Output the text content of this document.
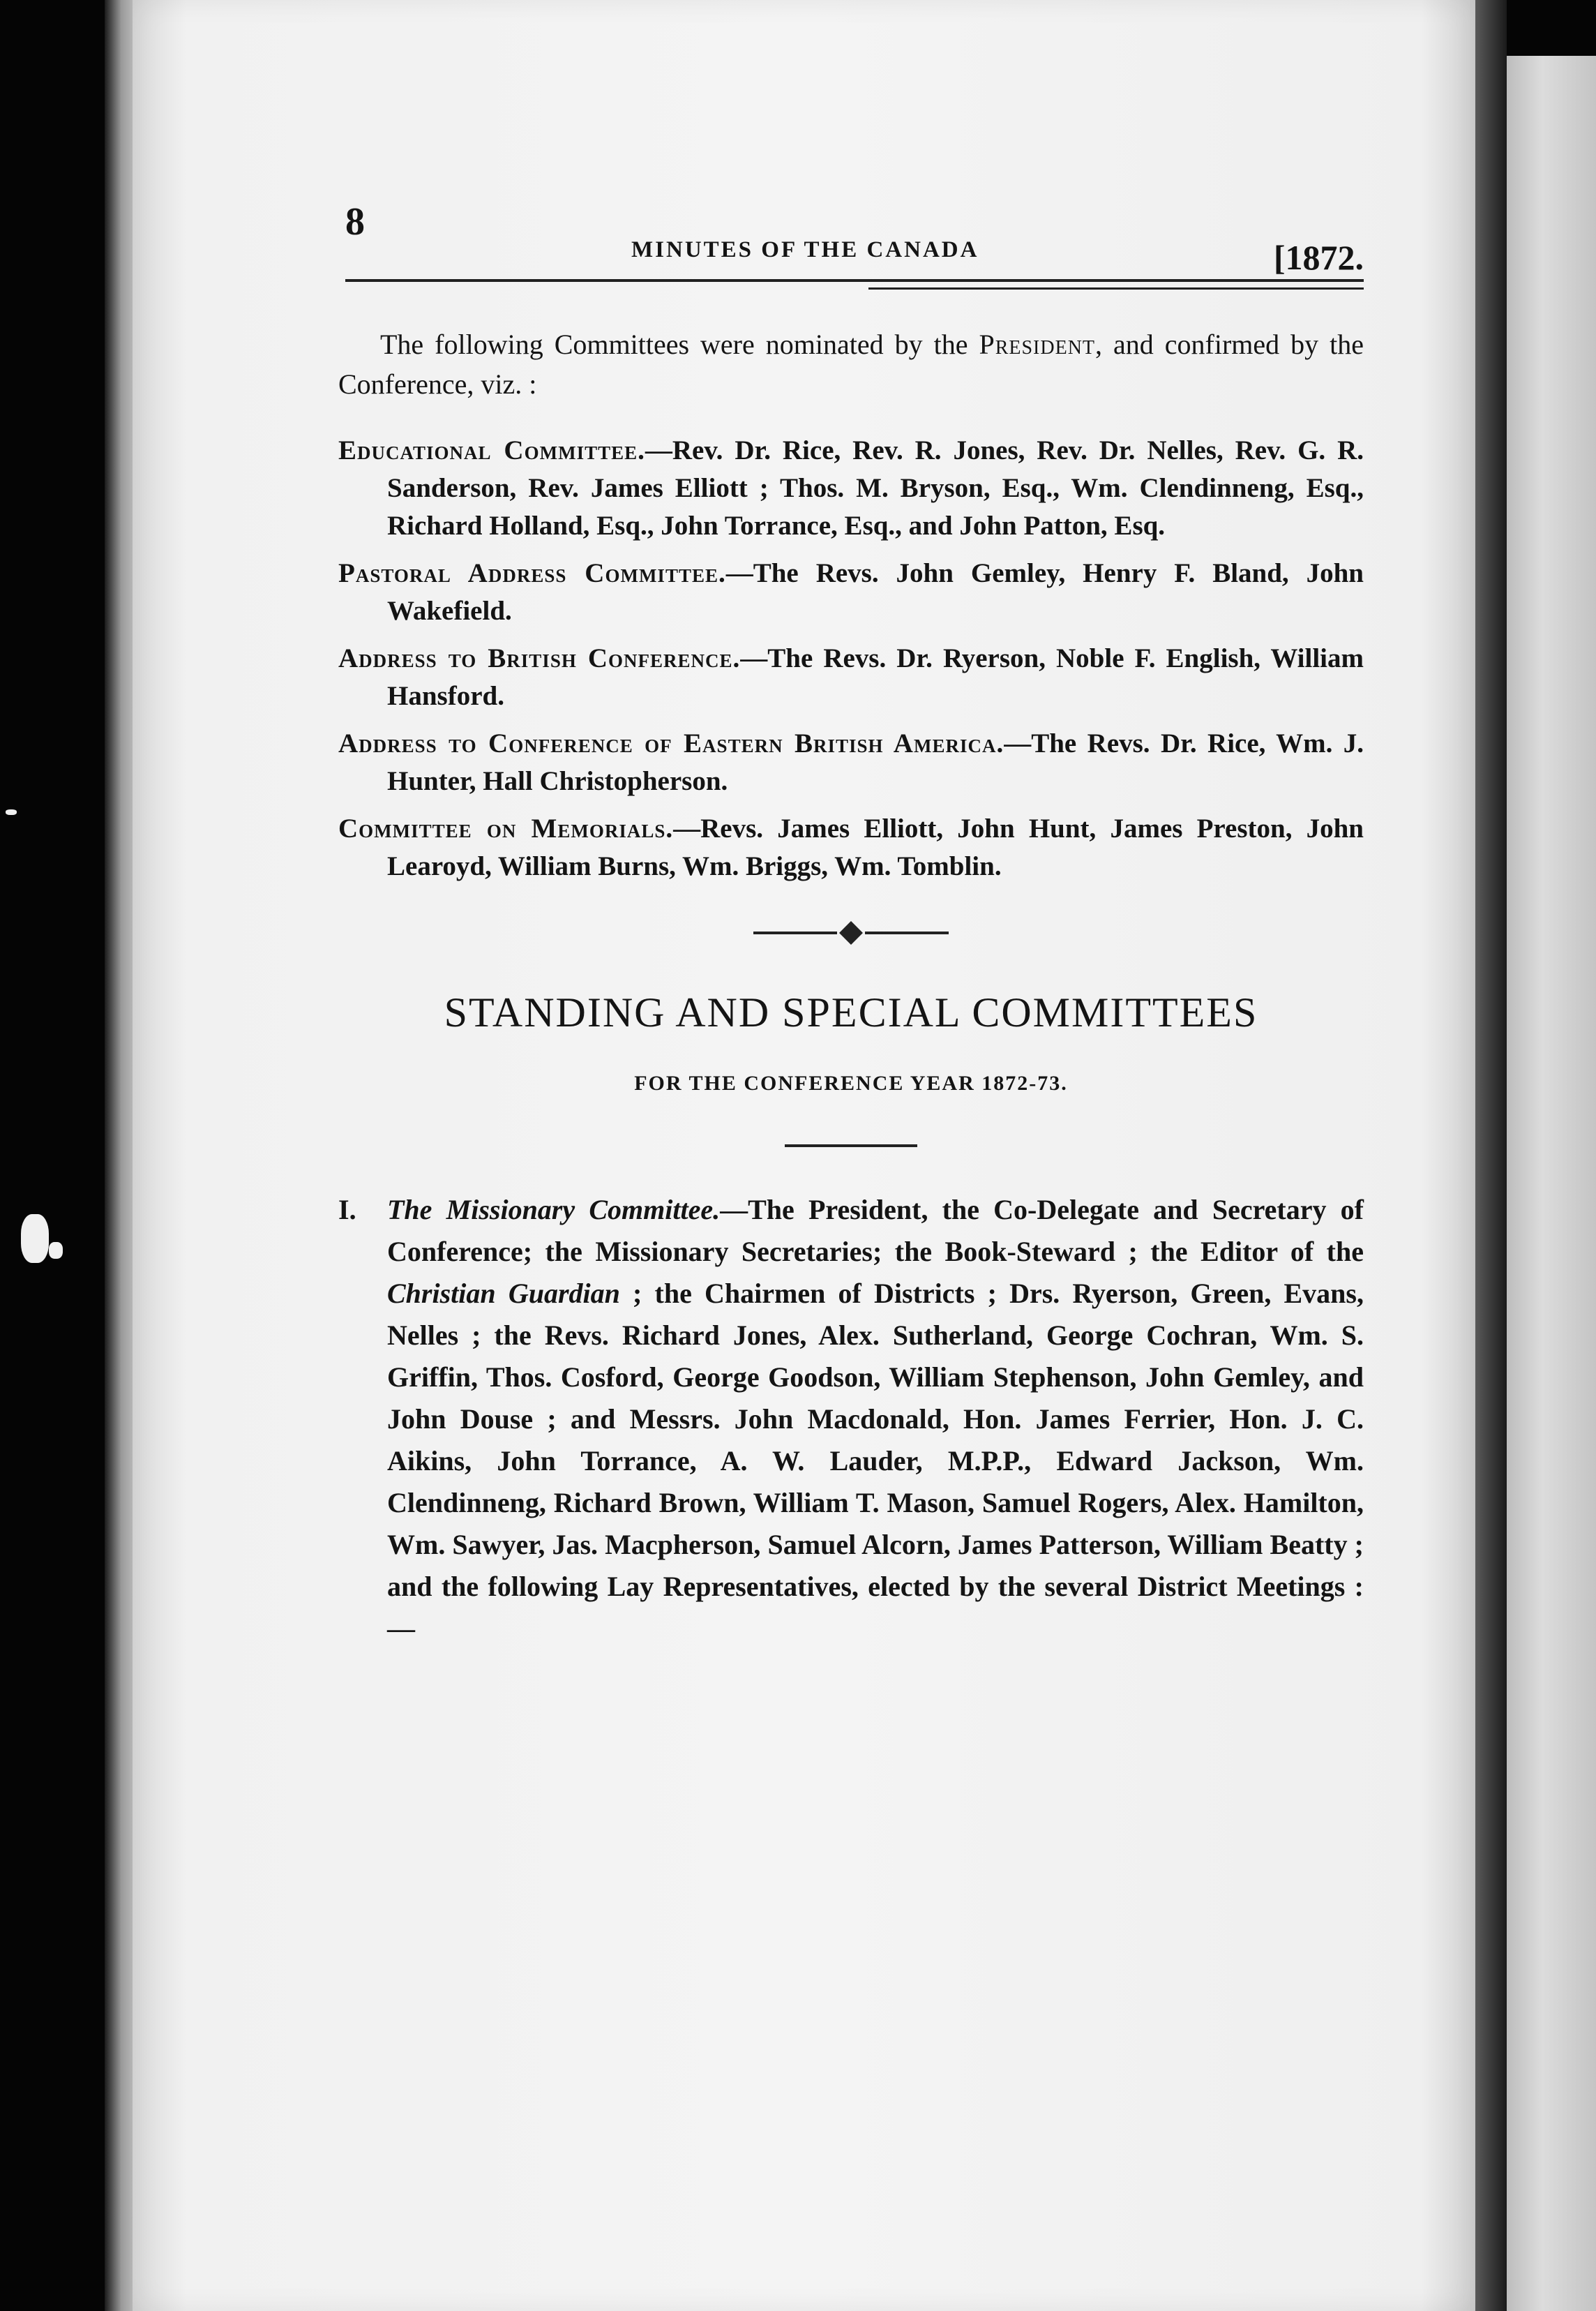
8
MINUTES OF THE CANADA	[1872.

The following Committees were nominated by the President, and confirmed by the Conference, viz. :

Educational Committee.—Rev. Dr. Rice, Rev. R. Jones, Rev. Dr. Nelles, Rev. G. R. Sanderson, Rev. James Elliott ; Thos. M. Bryson, Esq., Wm. Clendinneng, Esq., Richard Holland, Esq., John Torrance, Esq., and John Patton, Esq.
Pastoral Address Committee.—The Revs. John Gemley, Henry F. Bland, John Wakefield.
Address to British Conference.—The Revs. Dr. Ryerson, Noble F. English, William Hansford.
Address to Conference of Eastern British America.—The Revs. Dr. Rice, Wm. J. Hunter, Hall Christopherson.
Committee on Memorials.—Revs. James Elliott, John Hunt, James Preston, John Learoyd, William Burns, Wm. Briggs, Wm. Tomblin.
STANDING AND SPECIAL COMMITTEES
FOR THE CONFERENCE YEAR 1872-73.
I. The Missionary Committee.—The President, the Co-Delegate and Secretary of Conference; the Missionary Secretaries; the Book-Steward ; the Editor of the Christian Guardian ; the Chairmen of Districts ; Drs. Ryerson, Green, Evans, Nelles ; the Revs. Richard Jones, Alex. Sutherland, George Cochran, Wm. S. Griffin, Thos. Cosford, George Goodson, William Stephenson, John Gemley, and John Douse ; and Messrs. John Macdonald, Hon. James Ferrier, Hon. J. C. Aikins, John Torrance, A. W. Lauder, M.P.P., Edward Jackson, Wm. Clendinneng, Richard Brown, William T. Mason, Samuel Rogers, Alex. Hamilton, Wm. Sawyer, Jas. Macpherson, Samuel Alcorn, James Patterson, William Beatty ; and the following Lay Representatives, elected by the several District Meetings :—
